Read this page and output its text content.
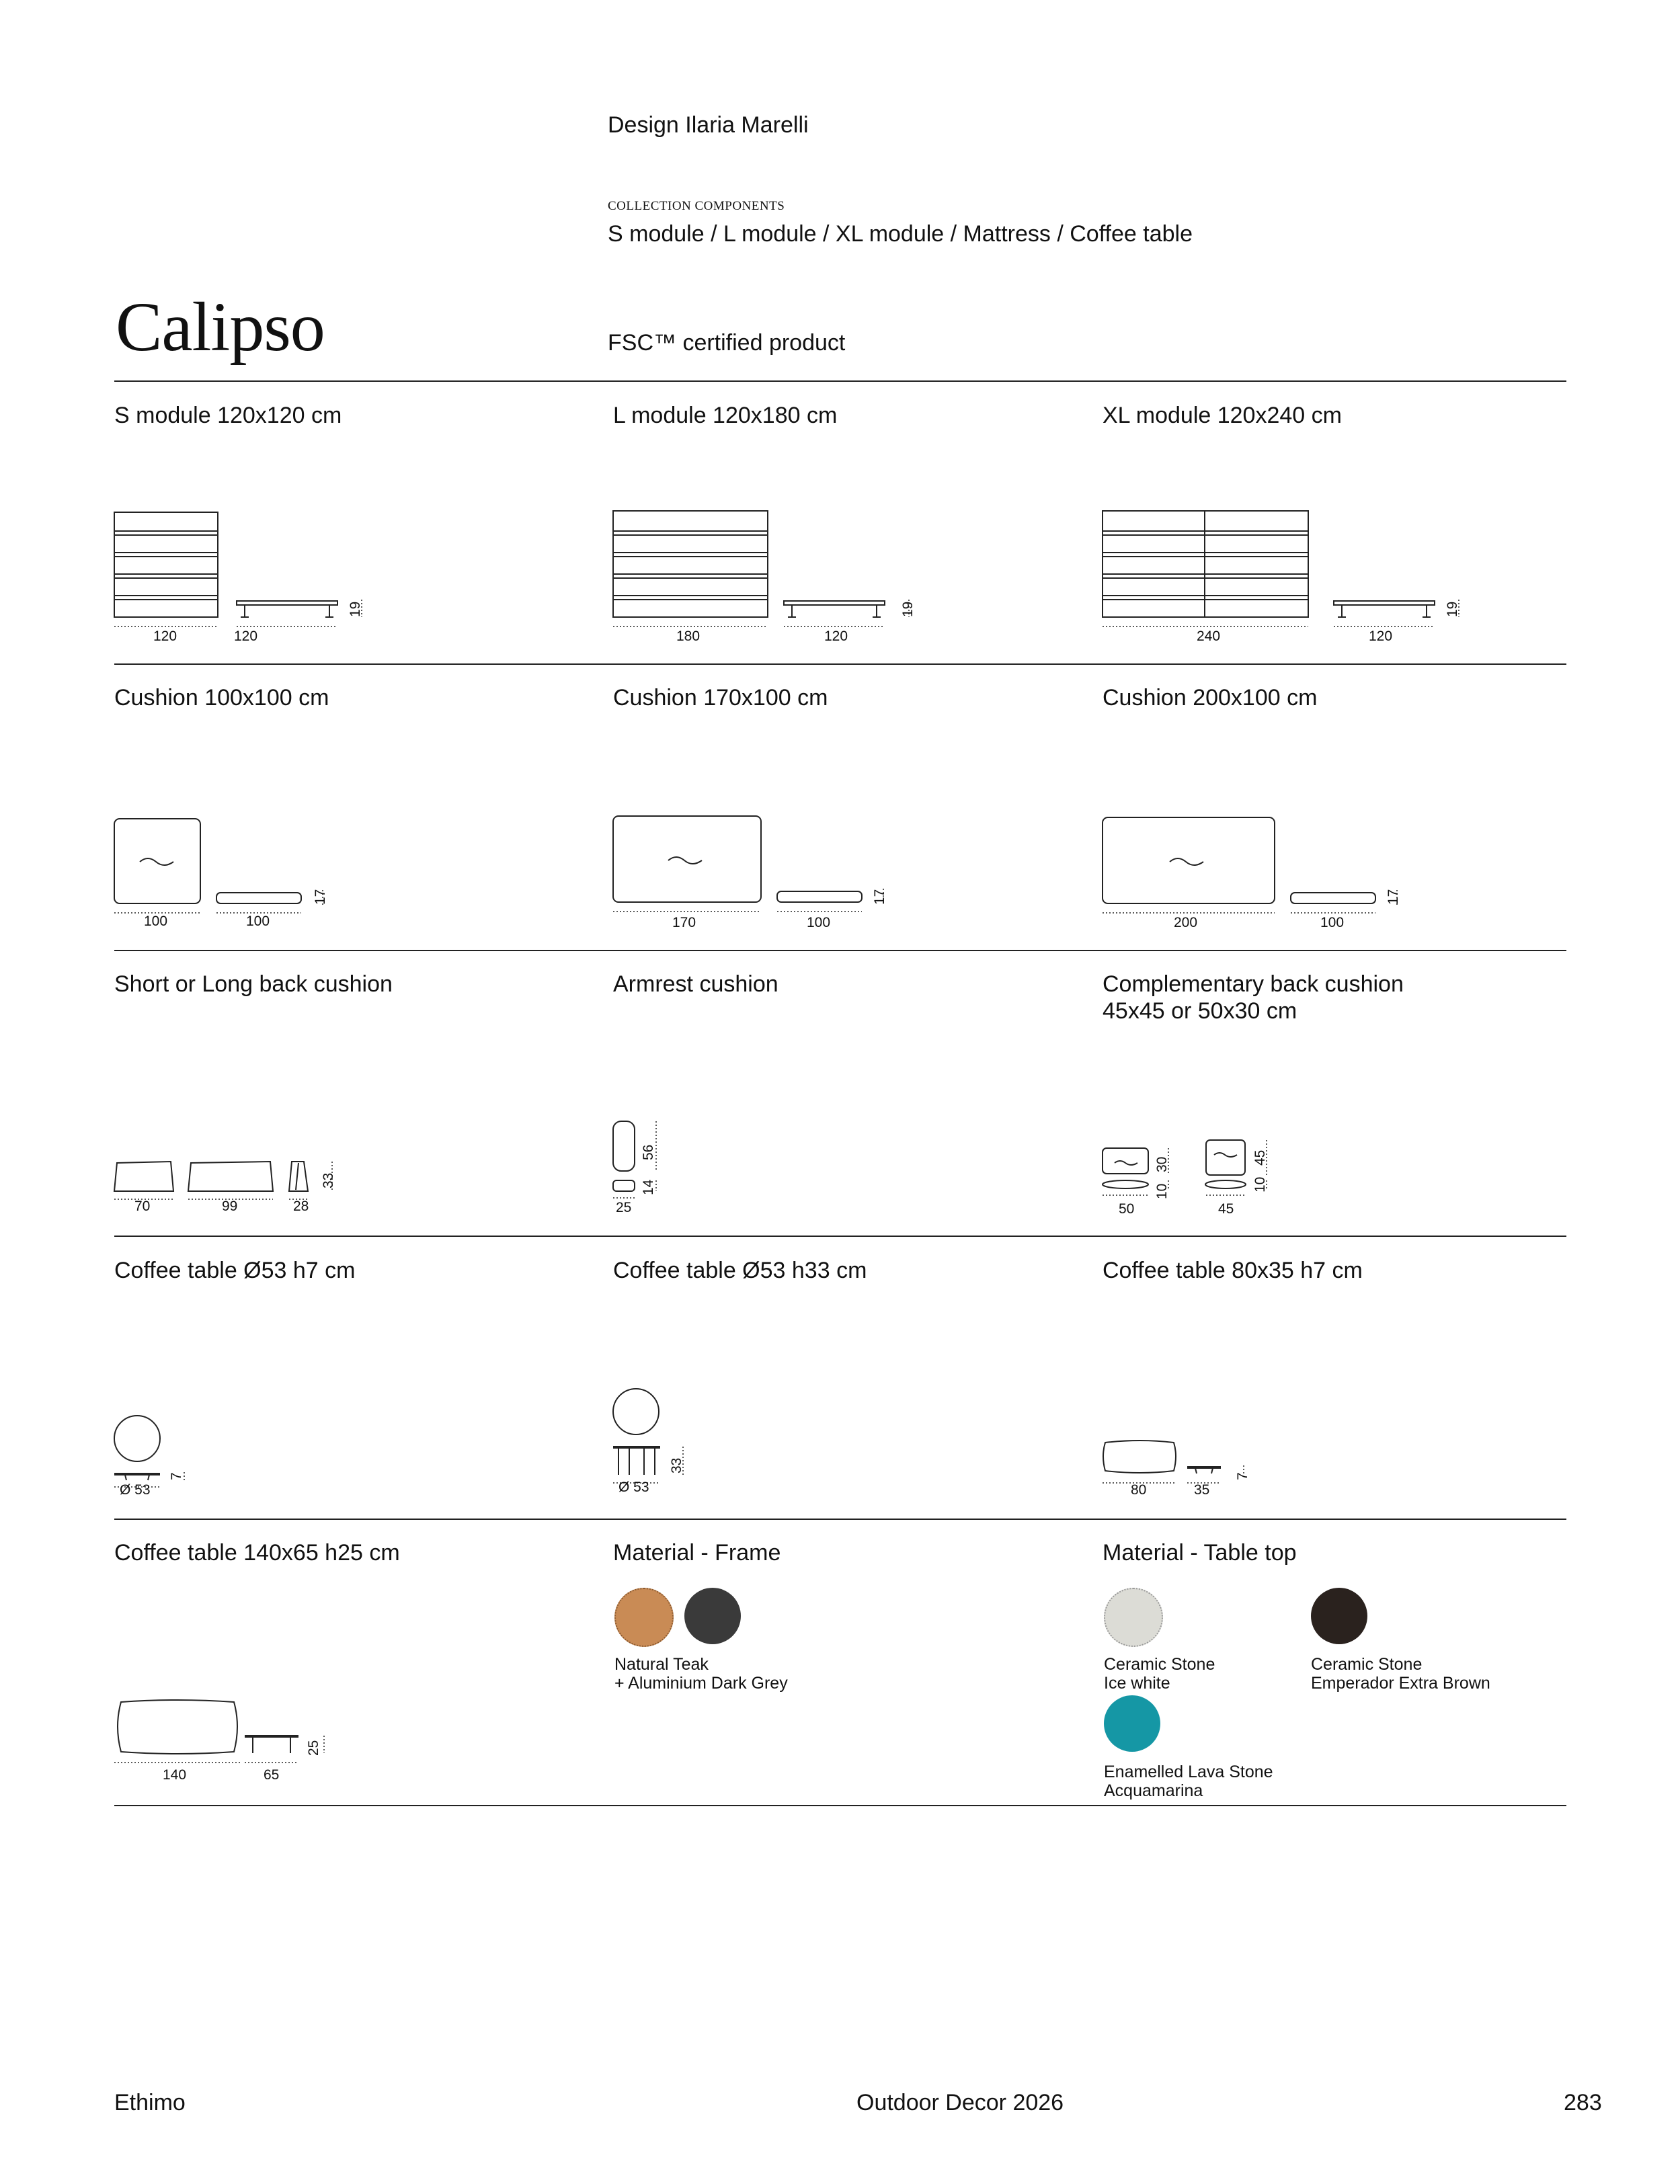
Design Ilaria Marelli
COLLECTION COMPONENTS
S module / L module / XL module / Mattress / Coffee table
Calipso	FSC™ certified product
S module 120x120 cm	L module 120x180 cm	XL module 120x240 cm
120	120
19
180	120
19
240	120
19
Cushion 100x100 cm	Cushion 170x100 cm	Cushion 200x100 cm
100	100
17
170	100
17
200	100
17
Short or Long back cushion	Armrest cushion	Complementary back cushion
45x45 or 50x30 cm
70	99	28
33
25
14
56
50
10
30
45
10
45
Coffee table Ø53 h7 cm	Coffee table Ø53 h33 cm	Coffee table 80x35 h7 cm
Ø 53
7
Ø 53
33
80	35
7
Coffee table 140x65 h25 cm	Material - Frame	Material - Table top
140	65
25
Natural Teak
+ Aluminium Dark Grey
Ceramic Stone
Ice white
Ceramic Stone
Emperador Extra Brown
Enamelled Lava Stone
Acquamarina
Ethimo	Outdoor Decor 2026	283
